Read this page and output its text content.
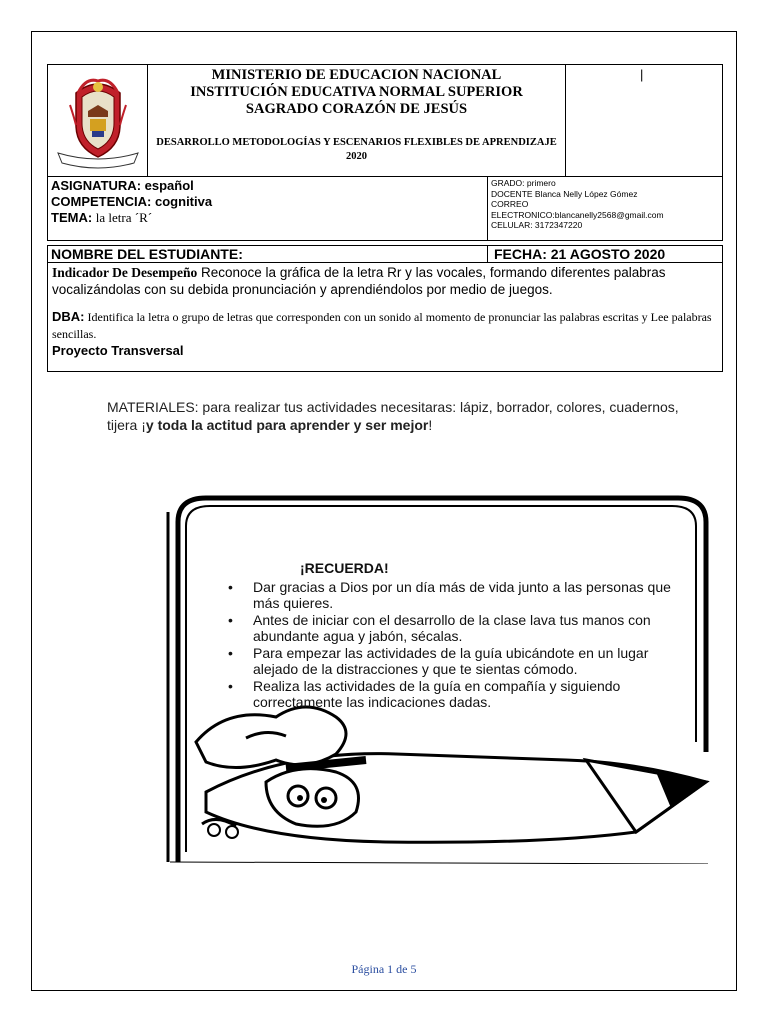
MINISTERIO DE EDUCACION NACIONAL
INSTITUCIÓN EDUCATIVA NORMAL SUPERIOR
SAGRADO CORAZÓN DE JESÚS
DESARROLLO METODOLOGÍAS Y ESCENARIOS FLEXIBLES DE APRENDIZAJE 2020
|
ASIGNATURA: español
COMPETENCIA: cognitiva
TEMA: la letra ´R´
GRADO: primero
DOCENTE Blanca Nelly López Gómez
CORREO
ELECTRONICO:blancanelly2568@gmail.com
CELULAR: 3172347220
NOMBRE DEL ESTUDIANTE:	FECHA: 21 AGOSTO 2020
Indicador De Desempeño Reconoce la gráfica de la letra Rr y las vocales, formando diferentes palabras vocalizándolas con su debida pronunciación y aprendiéndolos por medio de juegos.
DBA: Identifica la letra o grupo de letras que corresponden con un sonido al momento de pronunciar las palabras escritas y Lee palabras sencillas.
Proyecto Transversal
MATERIALES: para realizar tus actividades necesitaras: lápiz, borrador, colores, cuadernos, tijera ¡y toda la actitud para aprender y ser mejor!
¡RECUERDA!
• Dar gracias a Dios por un día más de vida junto a las personas que más quieres.
• Antes de iniciar con el desarrollo de la clase lava tus manos con abundante agua y jabón, sécalas.
• Para empezar las actividades de la guía ubicándote en un lugar alejado de la distracciones y que te sientas cómodo.
• Realiza las actividades de la guía en compañía y siguiendo correctamente las indicaciones dadas.
Página 1 de 5
